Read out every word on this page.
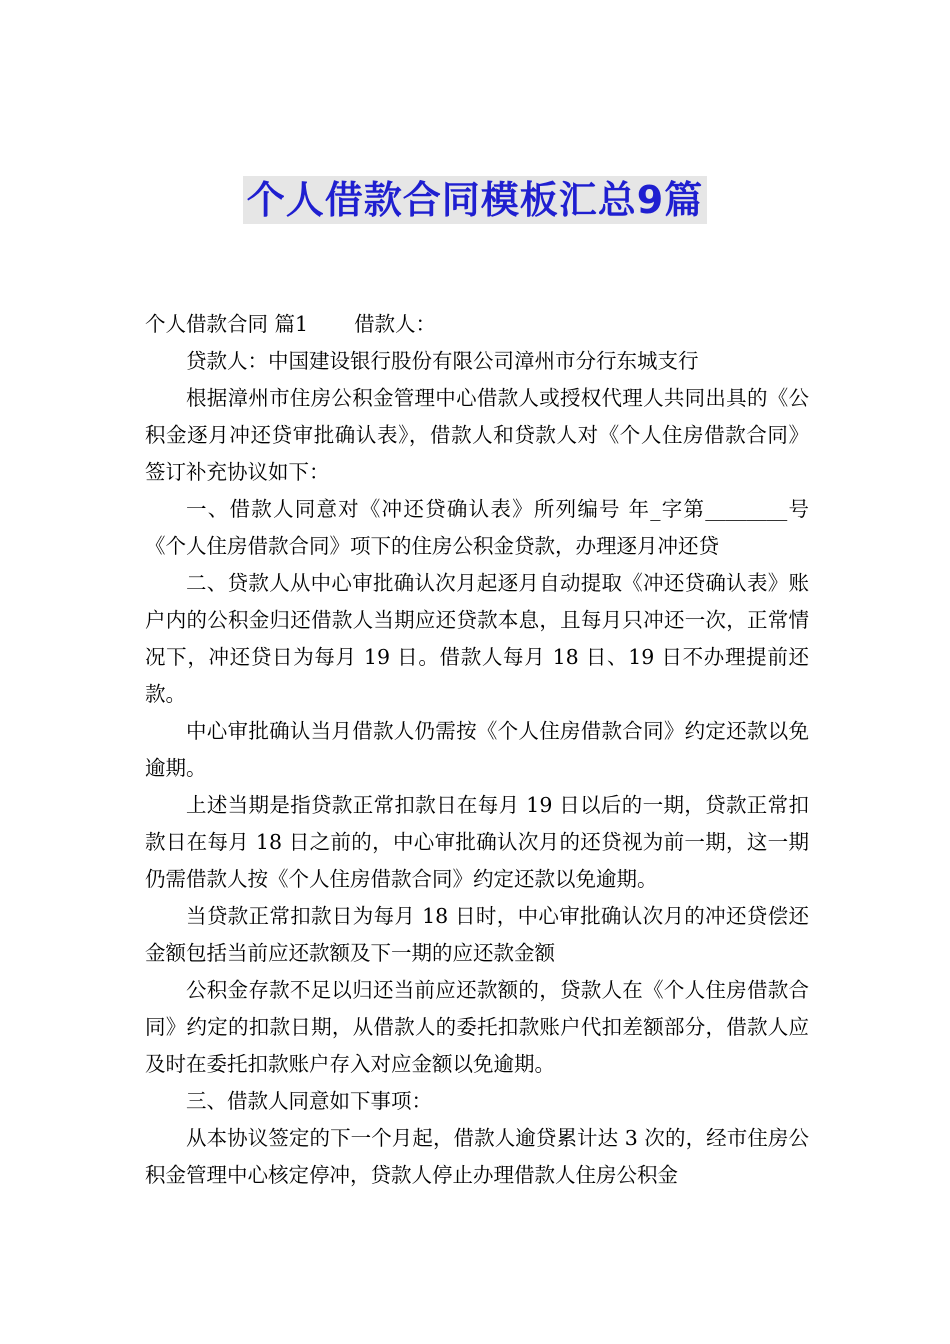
个人借款合同模板汇总9篇

个人借款合同 篇1 借款人：

贷款人：中国建设银行股份有限公司漳州市分行东城支行

根据漳州市住房公积金管理中心借款人或授权代理人共同出具的《公积金逐月冲还贷审批确认表》，借款人和贷款人对《个人住房借款合同》签订补充协议如下：

一、借款人同意对《冲还贷确认表》所列编号 年_字第________号《个人住房借款合同》项下的住房公积金贷款，办理逐月冲还贷

二、贷款人从中心审批确认次月起逐月自动提取《冲还贷确认表》账户内的公积金归还借款人当期应还贷款本息，且每月只冲还一次，正常情况下，冲还贷日为每月 19 日。借款人每月 18 日、19 日不办理提前还款。

中心审批确认当月借款人仍需按《个人住房借款合同》约定还款以免逾期。

上述当期是指贷款正常扣款日在每月 19 日以后的一期，贷款正常扣款日在每月 18 日之前的，中心审批确认次月的还贷视为前一期，这一期仍需借款人按《个人住房借款合同》约定还款以免逾期。

当贷款正常扣款日为每月 18 日时，中心审批确认次月的冲还贷偿还金额包括当前应还款额及下一期的应还款金额

公积金存款不足以归还当前应还款额的，贷款人在《个人住房借款合同》约定的扣款日期，从借款人的委托扣款账户代扣差额部分，借款人应及时在委托扣款账户存入对应金额以免逾期。

三、借款人同意如下事项：

从本协议签定的下一个月起，借款人逾贷累计达 3 次的，经市住房公积金管理中心核定停冲，贷款人停止办理借款人住房公积金
